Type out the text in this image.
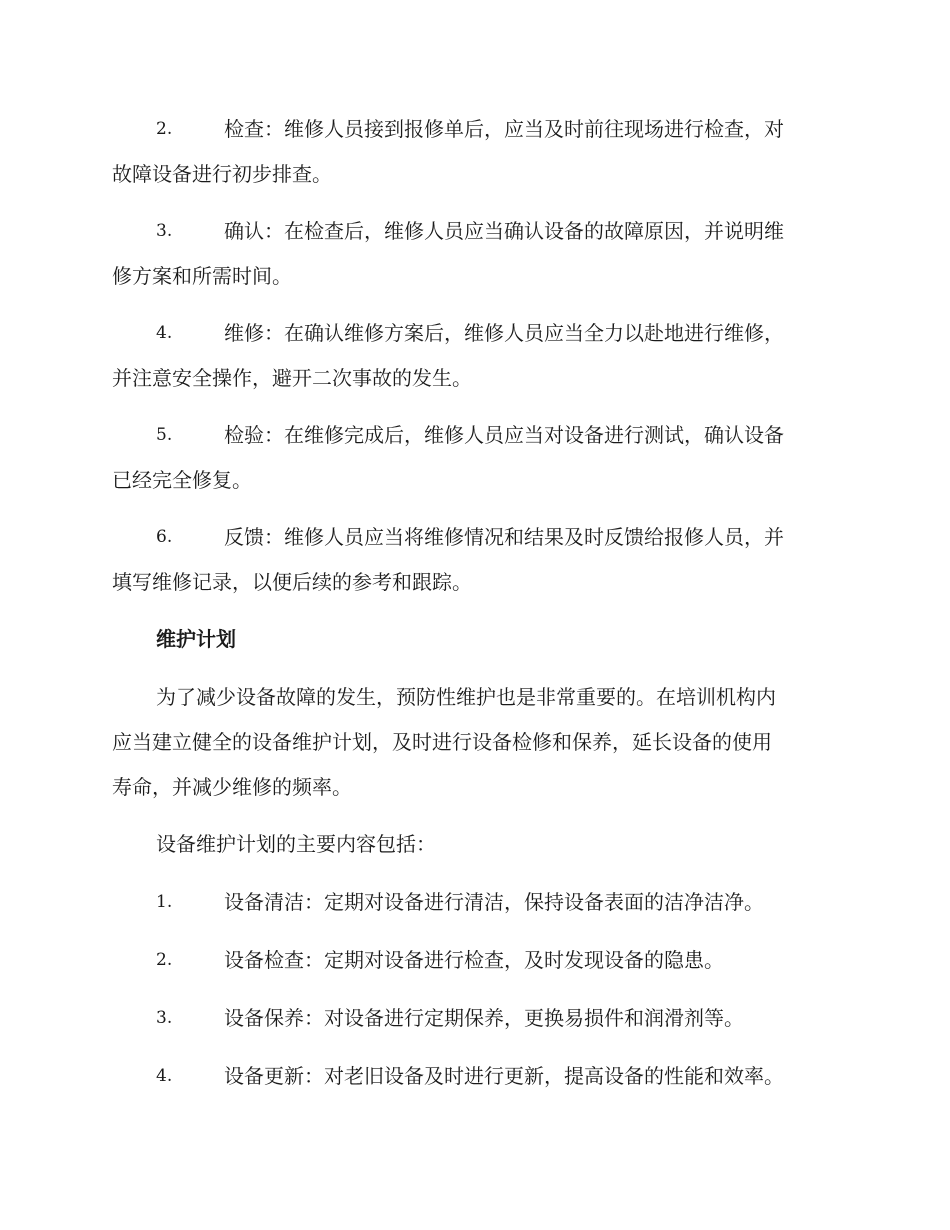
2.	检查：维修人员接到报修单后，应当及时前往现场进行检查，对
故障设备进行初步排查。
3.	确认：在检查后，维修人员应当确认设备的故障原因，并说明维
修方案和所需时间。
4.	维修：在确认维修方案后，维修人员应当全力以赴地进行维修，
并注意安全操作，避开二次事故的发生。
5.	检验：在维修完成后，维修人员应当对设备进行测试，确认设备
已经完全修复。
6.	反馈：维修人员应当将维修情况和结果及时反馈给报修人员，并
填写维修记录，以便后续的参考和跟踪。
维护计划
为了减少设备故障的发生，预防性维护也是非常重要的。在培训机构内
应当建立健全的设备维护计划，及时进行设备检修和保养，延长设备的使用
寿命，并减少维修的频率。
设备维护计划的主要内容包括：
1.	设备清洁：定期对设备进行清洁，保持设备表面的洁净洁净。
2.	设备检查：定期对设备进行检查，及时发现设备的隐患。
3.	设备保养：对设备进行定期保养，更换易损件和润滑剂等。
4.	设备更新：对老旧设备及时进行更新，提高设备的性能和效率。
